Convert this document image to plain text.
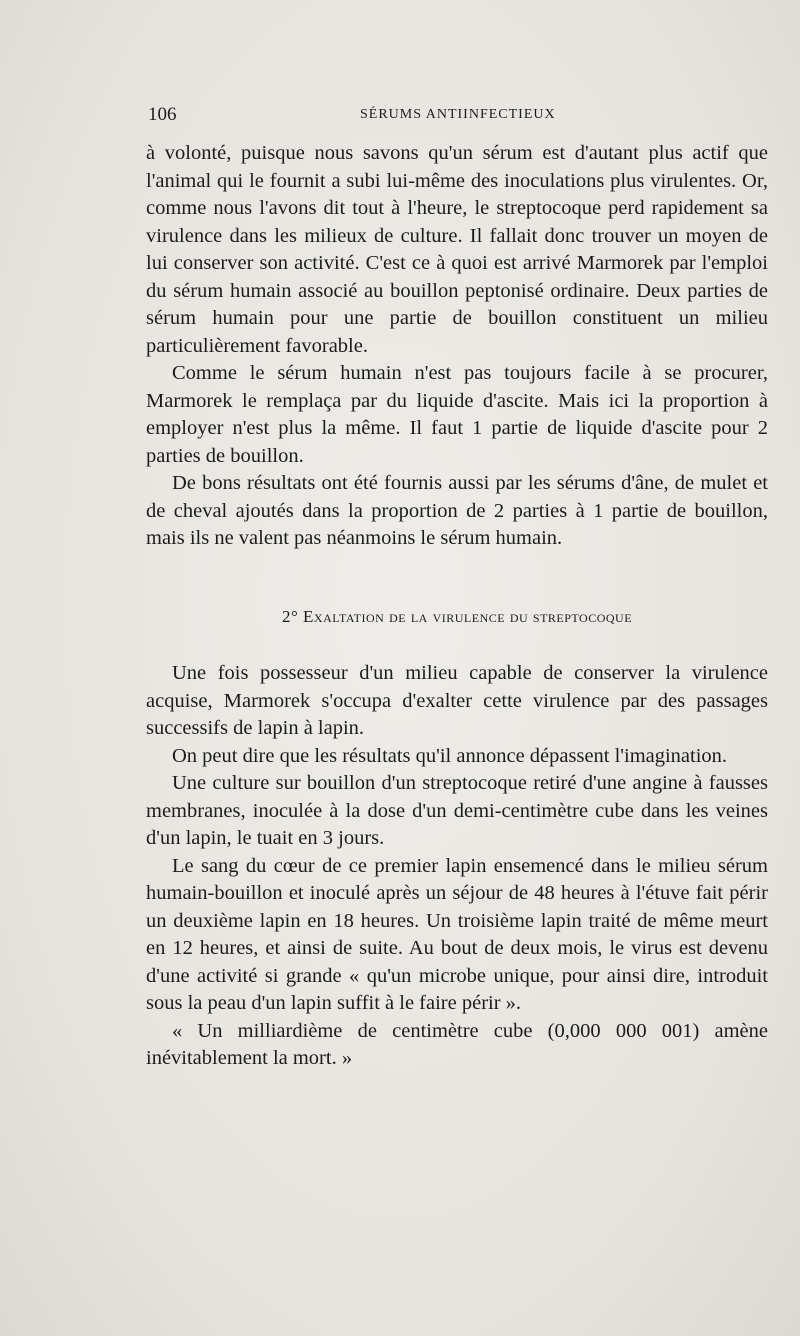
106	SÉRUMS ANTIINFECTIEUX

à volonté, puisque nous savons qu'un sérum est d'autant plus actif que l'animal qui le fournit a subi lui-même des inoculations plus virulentes. Or, comme nous l'avons dit tout à l'heure, le streptocoque perd rapidement sa virulence dans les milieux de culture. Il fallait donc trouver un moyen de lui conserver son activité. C'est ce à quoi est arrivé Marmorek par l'emploi du sérum humain associé au bouillon peptonisé ordinaire. Deux parties de sérum humain pour une partie de bouillon constituent un milieu particulièrement favorable.

Comme le sérum humain n'est pas toujours facile à se procurer, Marmorek le remplaça par du liquide d'ascite. Mais ici la proportion à employer n'est plus la même. Il faut 1 partie de liquide d'ascite pour 2 parties de bouillon.

De bons résultats ont été fournis aussi par les sérums d'âne, de mulet et de cheval ajoutés dans la proportion de 2 parties à 1 partie de bouillon, mais ils ne valent pas néanmoins le sérum humain.

2° Exaltation de la virulence du streptocoque

Une fois possesseur d'un milieu capable de conserver la virulence acquise, Marmorek s'occupa d'exalter cette virulence par des passages successifs de lapin à lapin.

On peut dire que les résultats qu'il annonce dépassent l'imagination.

Une culture sur bouillon d'un streptocoque retiré d'une angine à fausses membranes, inoculée à la dose d'un demi-centimètre cube dans les veines d'un lapin, le tuait en 3 jours.

Le sang du cœur de ce premier lapin ensemencé dans le milieu sérum humain-bouillon et inoculé après un séjour de 48 heures à l'étuve fait périr un deuxième lapin en 18 heures. Un troisième lapin traité de même meurt en 12 heures, et ainsi de suite. Au bout de deux mois, le virus est devenu d'une activité si grande « qu'un microbe unique, pour ainsi dire, introduit sous la peau d'un lapin suffit à le faire périr ».

« Un milliardième de centimètre cube (0,000 000 001) amène inévitablement la mort. »
